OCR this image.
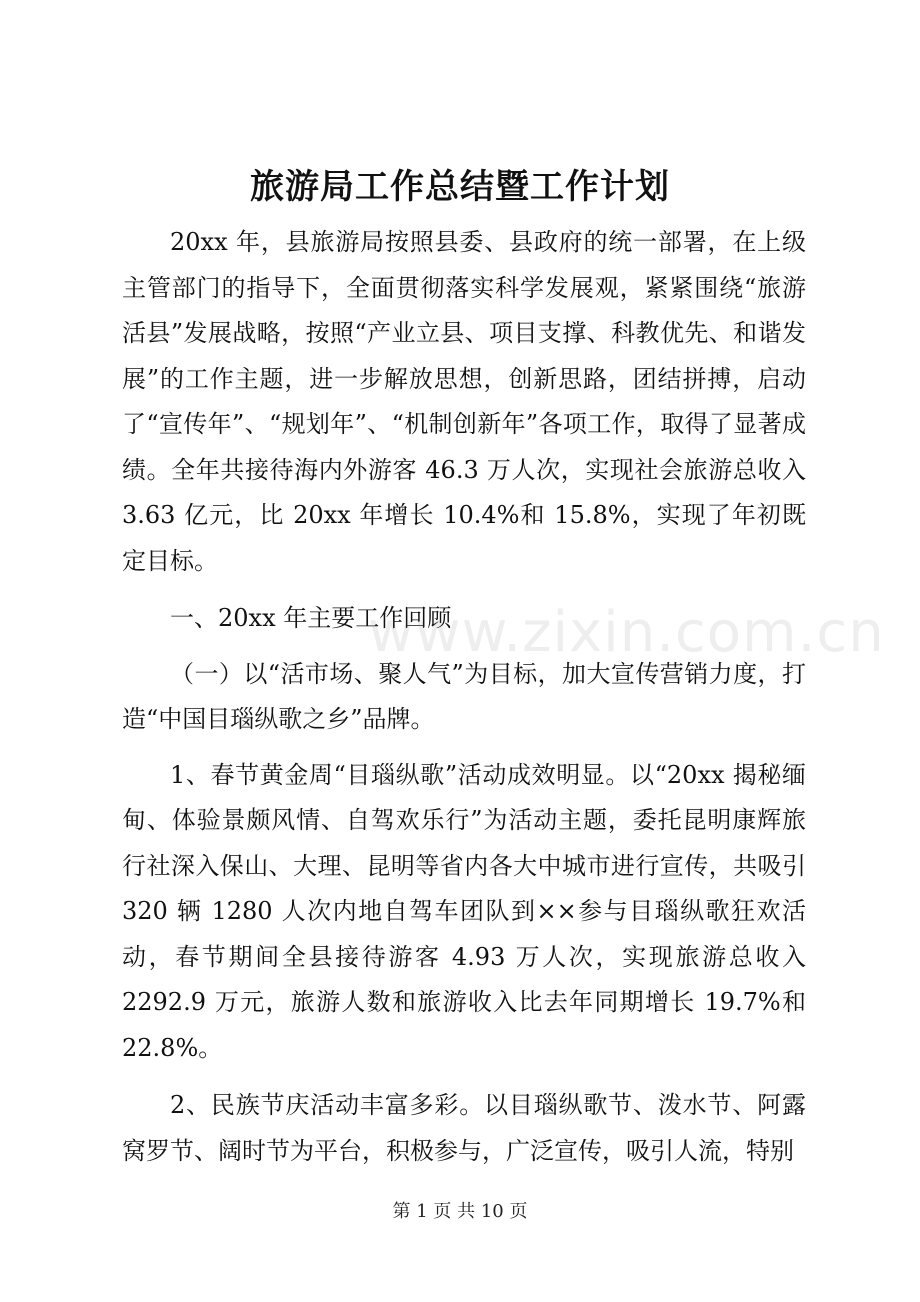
旅游局工作总结暨工作计划

20xx 年，县旅游局按照县委、县政府的统一部署，在上级主管部门的指导下，全面贯彻落实科学发展观，紧紧围绕“旅游活县”发展战略，按照“产业立县、项目支撑、科教优先、和谐发展”的工作主题，进一步解放思想，创新思路，团结拼搏，启动了“宣传年”、“规划年”、“机制创新年”各项工作，取得了显著成绩。全年共接待海内外游客 46.3 万人次，实现社会旅游总收入 3.63 亿元，比 20xx 年增长 10.4%和 15.8%，实现了年初既定目标。

一、20xx 年主要工作回顾

（一）以“活市场、聚人气”为目标，加大宣传营销力度，打造“中国目瑙纵歌之乡”品牌。

1、春节黄金周“目瑙纵歌”活动成效明显。以“20xx 揭秘缅甸、体验景颇风情、自驾欢乐行”为活动主题，委托昆明康辉旅行社深入保山、大理、昆明等省内各大中城市进行宣传，共吸引 320 辆 1280 人次内地自驾车团队到××参与目瑙纵歌狂欢活动，春节期间全县接待游客 4.93 万人次，实现旅游总收入 2292.9 万元，旅游人数和旅游收入比去年同期增长 19.7%和 22.8%。

2、民族节庆活动丰富多彩。以目瑙纵歌节、泼水节、阿露窝罗节、阔时节为平台，积极参与，广泛宣传，吸引人流，特别

www.zixin.com.cn
第 1 页 共 10 页
